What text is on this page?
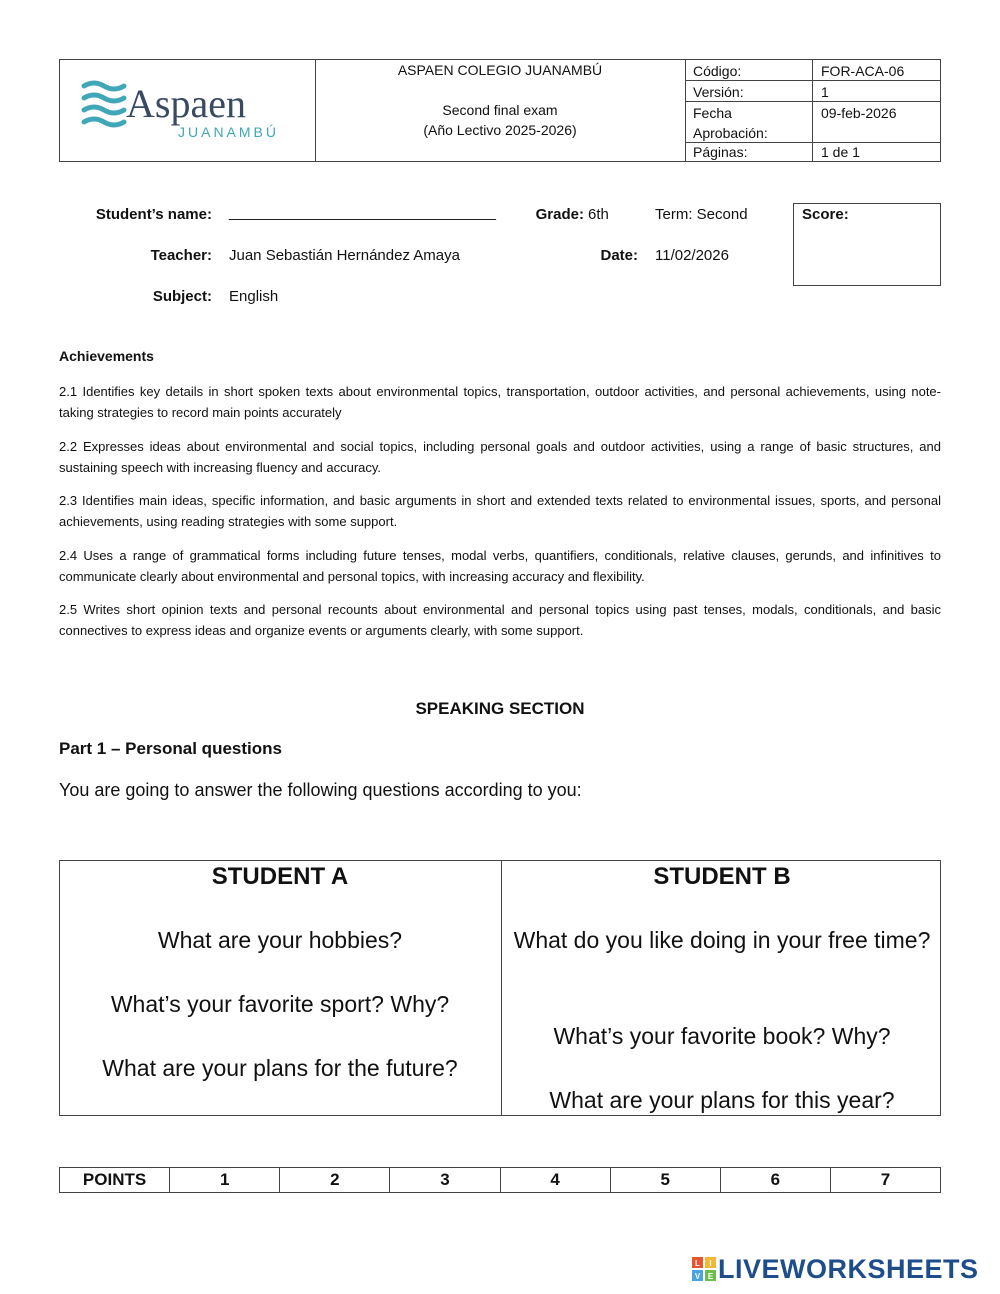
Aspaen
JUANAMBÚ
ASPAEN COLEGIO JUANAMBÚ
Second final exam
(Año Lectivo 2025-2026)
Código:	FOR-ACA-06
Versión:	1
Fecha Aprobación:
09-feb-2026
Páginas:	1 de 1
Student’s name: ________________________________	Grade: 6th	Term: Second	Score:
Teacher: Juan Sebastián Hernández Amaya	Date: 11/02/2026
Subject: English
Achievements
2.1 Identifies key details in short spoken texts about environmental topics, transportation, outdoor activities, and personal achievements, using note-taking strategies to record main points accurately
2.2 Expresses ideas about environmental and social topics, including personal goals and outdoor activities, using a range of basic structures, and sustaining speech with increasing fluency and accuracy.
2.3 Identifies main ideas, specific information, and basic arguments in short and extended texts related to environmental issues, sports, and personal achievements, using reading strategies with some support.
2.4 Uses a range of grammatical forms including future tenses, modal verbs, quantifiers, conditionals, relative clauses, gerunds, and infinitives to communicate clearly about environmental and personal topics, with increasing accuracy and flexibility.
2.5 Writes short opinion texts and personal recounts about environmental and personal topics using past tenses, modals, conditionals, and basic connectives to express ideas and organize events or arguments clearly, with some support.
SPEAKING SECTION
Part 1 – Personal questions
You are going to answer the following questions according to you:
STUDENT A
What are your hobbies?
What’s your favorite sport? Why?
What are your plans for the future?
STUDENT B
What do you like doing in your free time?
What’s your favorite book? Why?
What are your plans for this year?
POINTS	1	2	3	4	5	6	7
L I
V E LIVEWORKSHEETS
